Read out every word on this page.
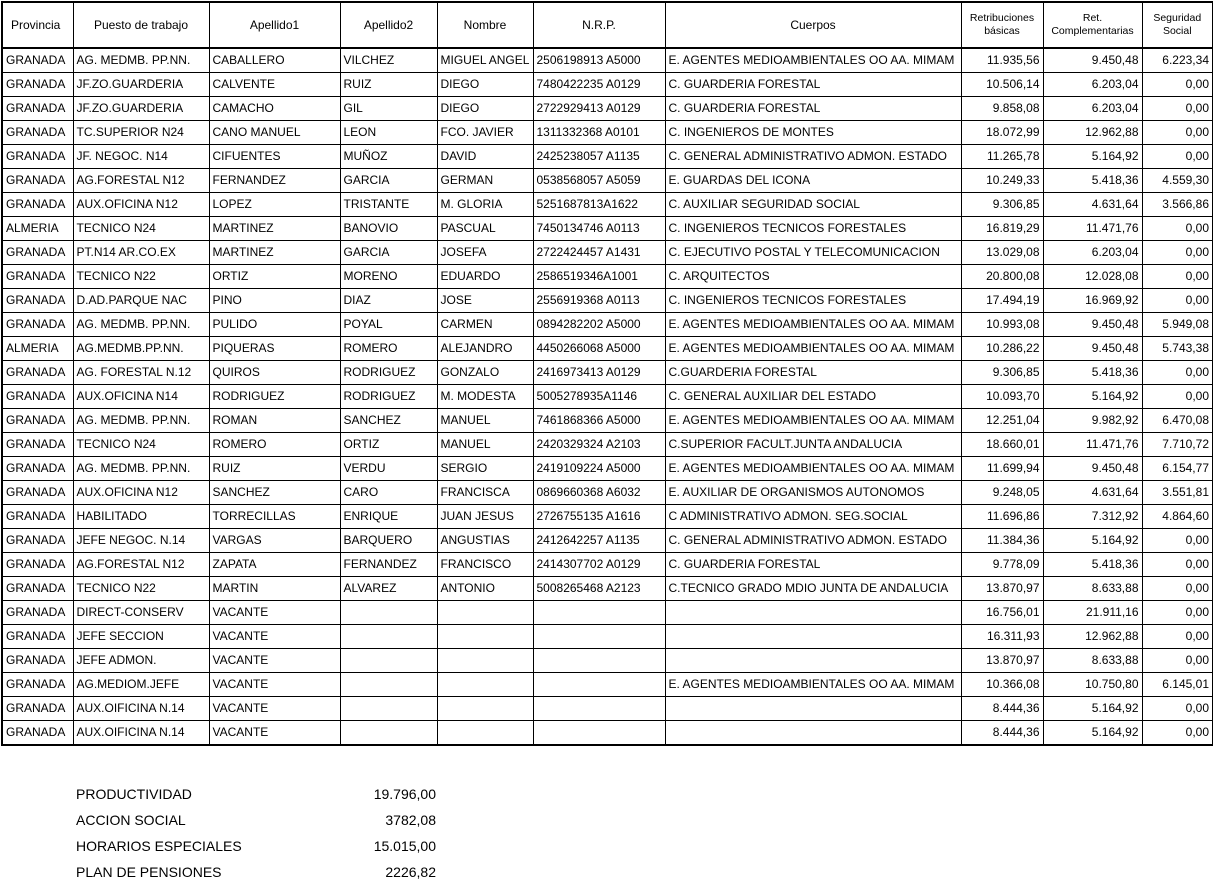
Provincia	Puesto de trabajo	Apellido1	Apellido2	Nombre	N.R.P.	Cuerpos	Retribuciones básicas	Ret. Complementarias	Seguridad Social
GRANADA	AG. MEDMB. PP.NN.	CABALLERO	VILCHEZ	MIGUEL ANGEL	2506198913 A5000	E. AGENTES MEDIOAMBIENTALES OO AA. MIMAM	11.935,56	9.450,48	6.223,34
GRANADA	JF.ZO.GUARDERIA	CALVENTE	RUIZ	DIEGO	7480422235 A0129	C. GUARDERIA FORESTAL	10.506,14	6.203,04	0,00
GRANADA	JF.ZO.GUARDERIA	CAMACHO	GIL	DIEGO	2722929413 A0129	C. GUARDERIA FORESTAL	9.858,08	6.203,04	0,00
GRANADA	TC.SUPERIOR N24	CANO MANUEL	LEON	FCO. JAVIER	1311332368 A0101	C. INGENIEROS DE MONTES	18.072,99	12.962,88	0,00
GRANADA	JF. NEGOC. N14	CIFUENTES	MUÑOZ	DAVID	2425238057 A1135	C. GENERAL ADMINISTRATIVO ADMON. ESTADO	11.265,78	5.164,92	0,00
GRANADA	AG.FORESTAL N12	FERNANDEZ	GARCIA	GERMAN	0538568057 A5059	E. GUARDAS DEL ICONA	10.249,33	5.418,36	4.559,30
GRANADA	AUX.OFICINA N12	LOPEZ	TRISTANTE	M. GLORIA	5251687813A1622	C. AUXILIAR SEGURIDAD SOCIAL	9.306,85	4.631,64	3.566,86
ALMERIA	TECNICO N24	MARTINEZ	BANOVIO	PASCUAL	7450134746 A0113	C. INGENIEROS TECNICOS FORESTALES	16.819,29	11.471,76	0,00
GRANADA	PT.N14 AR.CO.EX	MARTINEZ	GARCIA	JOSEFA	2722424457 A1431	C. EJECUTIVO POSTAL Y TELECOMUNICACION	13.029,08	6.203,04	0,00
GRANADA	TECNICO N22	ORTIZ	MORENO	EDUARDO	2586519346A1001	C. ARQUITECTOS	20.800,08	12.028,08	0,00
GRANADA	D.AD.PARQUE NAC	PINO	DIAZ	JOSE	2556919368 A0113	C. INGENIEROS TECNICOS FORESTALES	17.494,19	16.969,92	0,00
GRANADA	AG. MEDMB. PP.NN.	PULIDO	POYAL	CARMEN	0894282202 A5000	E. AGENTES MEDIOAMBIENTALES OO AA. MIMAM	10.993,08	9.450,48	5.949,08
ALMERIA	AG.MEDMB.PP.NN.	PIQUERAS	ROMERO	ALEJANDRO	4450266068 A5000	E. AGENTES MEDIOAMBIENTALES OO AA. MIMAM	10.286,22	9.450,48	5.743,38
GRANADA	AG. FORESTAL N.12	QUIROS	RODRIGUEZ	GONZALO	2416973413 A0129	C.GUARDERIA FORESTAL	9.306,85	5.418,36	0,00
GRANADA	AUX.OFICINA N14	RODRIGUEZ	RODRIGUEZ	M. MODESTA	5005278935A1146	C. GENERAL AUXILIAR DEL ESTADO	10.093,70	5.164,92	0,00
GRANADA	AG. MEDMB. PP.NN.	ROMAN	SANCHEZ	MANUEL	7461868366 A5000	E. AGENTES MEDIOAMBIENTALES OO AA. MIMAM	12.251,04	9.982,92	6.470,08
GRANADA	TECNICO N24	ROMERO	ORTIZ	MANUEL	2420329324 A2103	C.SUPERIOR FACULT.JUNTA ANDALUCIA	18.660,01	11.471,76	7.710,72
GRANADA	AG. MEDMB. PP.NN.	RUIZ	VERDU	SERGIO	2419109224 A5000	E. AGENTES MEDIOAMBIENTALES OO AA. MIMAM	11.699,94	9.450,48	6.154,77
GRANADA	AUX.OFICINA N12	SANCHEZ	CARO	FRANCISCA	0869660368 A6032	E. AUXILIAR DE ORGANISMOS AUTONOMOS	9.248,05	4.631,64	3.551,81
GRANADA	HABILITADO	TORRECILLAS	ENRIQUE	JUAN JESUS	2726755135 A1616	C ADMINISTRATIVO ADMON. SEG.SOCIAL	11.696,86	7.312,92	4.864,60
GRANADA	JEFE NEGOC. N.14	VARGAS	BARQUERO	ANGUSTIAS	2412642257 A1135	C. GENERAL ADMINISTRATIVO ADMON. ESTADO	11.384,36	5.164,92	0,00
GRANADA	AG.FORESTAL N12	ZAPATA	FERNANDEZ	FRANCISCO	2414307702 A0129	C. GUARDERIA FORESTAL	9.778,09	5.418,36	0,00
GRANADA	TECNICO N22	MARTIN	ALVAREZ	ANTONIO	5008265468 A2123	C.TECNICO GRADO MDIO JUNTA DE ANDALUCIA	13.870,97	8.633,88	0,00
GRANADA	DIRECT-CONSERV	VACANTE					16.756,01	21.911,16	0,00
GRANADA	JEFE SECCION	VACANTE					16.311,93	12.962,88	0,00
GRANADA	JEFE ADMON.	VACANTE					13.870,97	8.633,88	0,00
GRANADA	AG.MEDIOM.JEFE	VACANTE				E. AGENTES MEDIOAMBIENTALES OO AA. MIMAM	10.366,08	10.750,80	6.145,01
GRANADA	AUX.OIFICINA N.14	VACANTE					8.444,36	5.164,92	0,00
GRANADA	AUX.OIFICINA N.14	VACANTE					8.444,36	5.164,92	0,00
PRODUCTIVIDAD	19.796,00
ACCION SOCIAL	3782,08
HORARIOS ESPECIALES	15.015,00
PLAN DE PENSIONES	2226,82
